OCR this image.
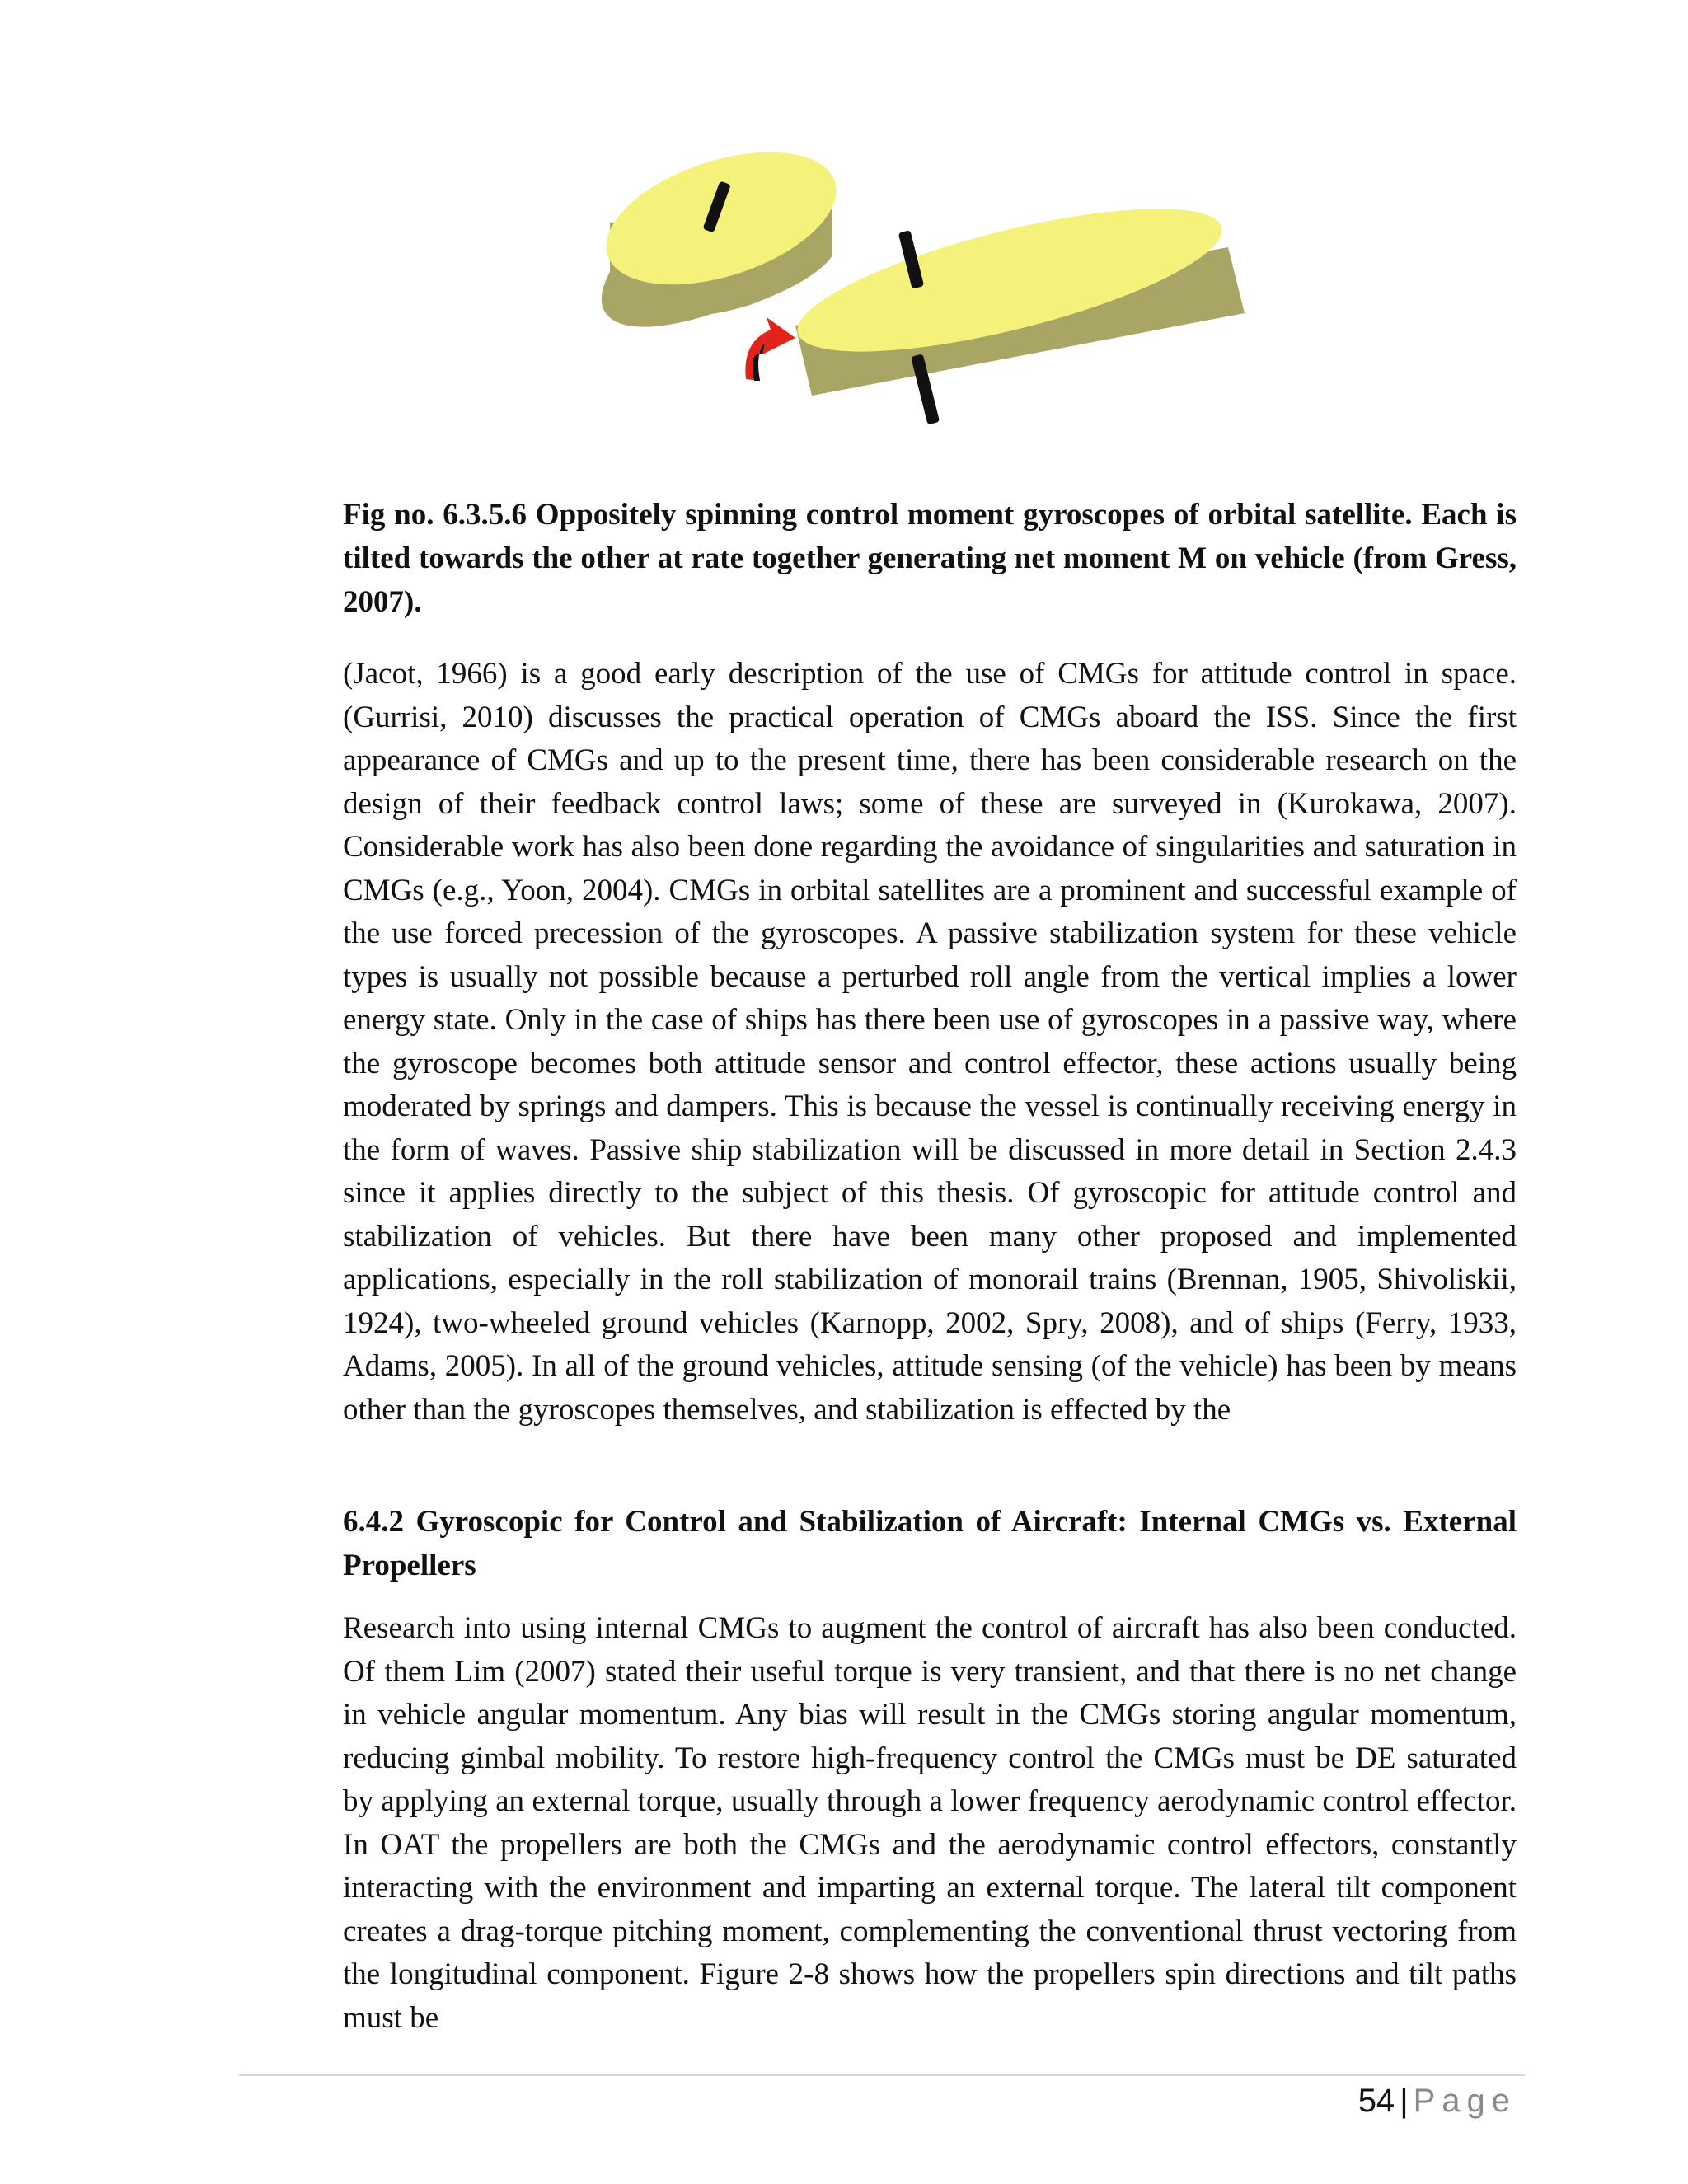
Fig no. 6.3.5.6 Oppositely spinning control moment gyroscopes of orbital satellite. Each is tilted towards the other at rate together generating net moment M on vehicle (from Gress, 2007).

(Jacot, 1966) is a good early description of the use of CMGs for attitude control in space. (Gurrisi, 2010) discusses the practical operation of CMGs aboard the ISS. Since the first appearance of CMGs and up to the present time, there has been considerable research on the design of their feedback control laws; some of these are surveyed in (Kurokawa, 2007). Considerable work has also been done regarding the avoidance of singularities and saturation in CMGs (e.g., Yoon, 2004). CMGs in orbital satellites are a prominent and successful example of the use forced precession of the gyroscopes. A passive stabilization system for these vehicle types is usually not possible because a perturbed roll angle from the vertical implies a lower energy state. Only in the case of ships has there been use of gyroscopes in a passive way, where the gyroscope becomes both attitude sensor and control effector, these actions usually being moderated by springs and dampers. This is because the vessel is continually receiving energy in the form of waves. Passive ship stabilization will be discussed in more detail in Section 2.4.3 since it applies directly to the subject of this thesis. Of gyroscopic for attitude control and stabilization of vehicles. But there have been many other proposed and implemented applications, especially in the roll stabilization of monorail trains (Brennan, 1905, Shivoliskii, 1924), two-wheeled ground vehicles (Karnopp, 2002, Spry, 2008), and of ships (Ferry, 1933, Adams, 2005). In all of the ground vehicles, attitude sensing (of the vehicle) has been by means other than the gyroscopes themselves, and stabilization is effected by the

6.4.2 Gyroscopic for Control and Stabilization of Aircraft: Internal CMGs vs. External Propellers

Research into using internal CMGs to augment the control of aircraft has also been conducted. Of them Lim (2007) stated their useful torque is very transient, and that there is no net change in vehicle angular momentum. Any bias will result in the CMGs storing angular momentum, reducing gimbal mobility. To restore high-frequency control the CMGs must be DE saturated by applying an external torque, usually through a lower frequency aerodynamic control effector. In OAT the propellers are both the CMGs and the aerodynamic control effectors, constantly interacting with the environment and imparting an external torque. The lateral tilt component creates a drag-torque pitching moment, complementing the conventional thrust vectoring from the longitudinal component. Figure 2-8 shows how the propellers spin directions and tilt paths must be

54 | Page
